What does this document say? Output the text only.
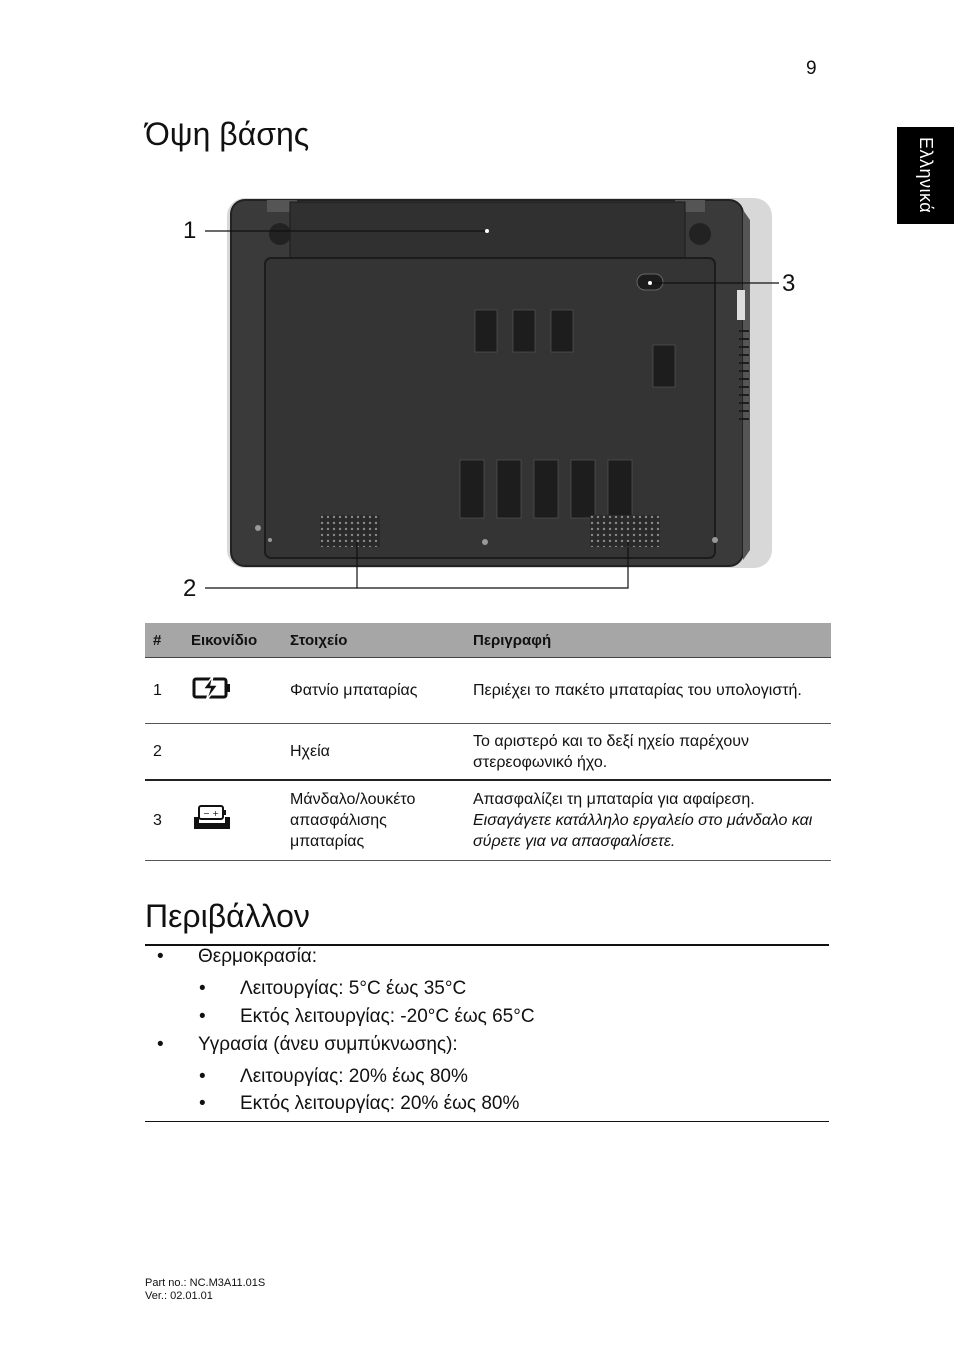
9
Ελληνικά
Όψη βάσης
1
3
2
#	Εικονίδιο	Στοιχείο	Περιγραφή
1		Φατνίο μπαταρίας	Περιέχει το πακέτο μπαταρίας του υπολογιστή.

2		Ηχεία	Το αριστερό και το δεξί ηχείο παρέχουν στερεοφωνικό ήχο.

3	− +	Μάνδαλο/λουκέτο απασφάλισης μπαταρίας	Απασφαλίζει τη μπαταρία για αφαίρεση.
Εισαγάγετε κατάλληλο εργαλείο στο μάνδαλο και σύρετε για να απασφαλίσετε.
Περιβάλλον
• Θερμοκρασία:
• Λειτουργίας: 5°C έως 35°C
• Εκτός λειτουργίας: -20°C έως 65°C
• Υγρασία (άνευ συμπύκνωσης):
• Λειτουργίας: 20% έως 80%
• Εκτός λειτουργίας: 20% έως 80%
Part no.: NC.M3A11.01S
Ver.: 02.01.01
